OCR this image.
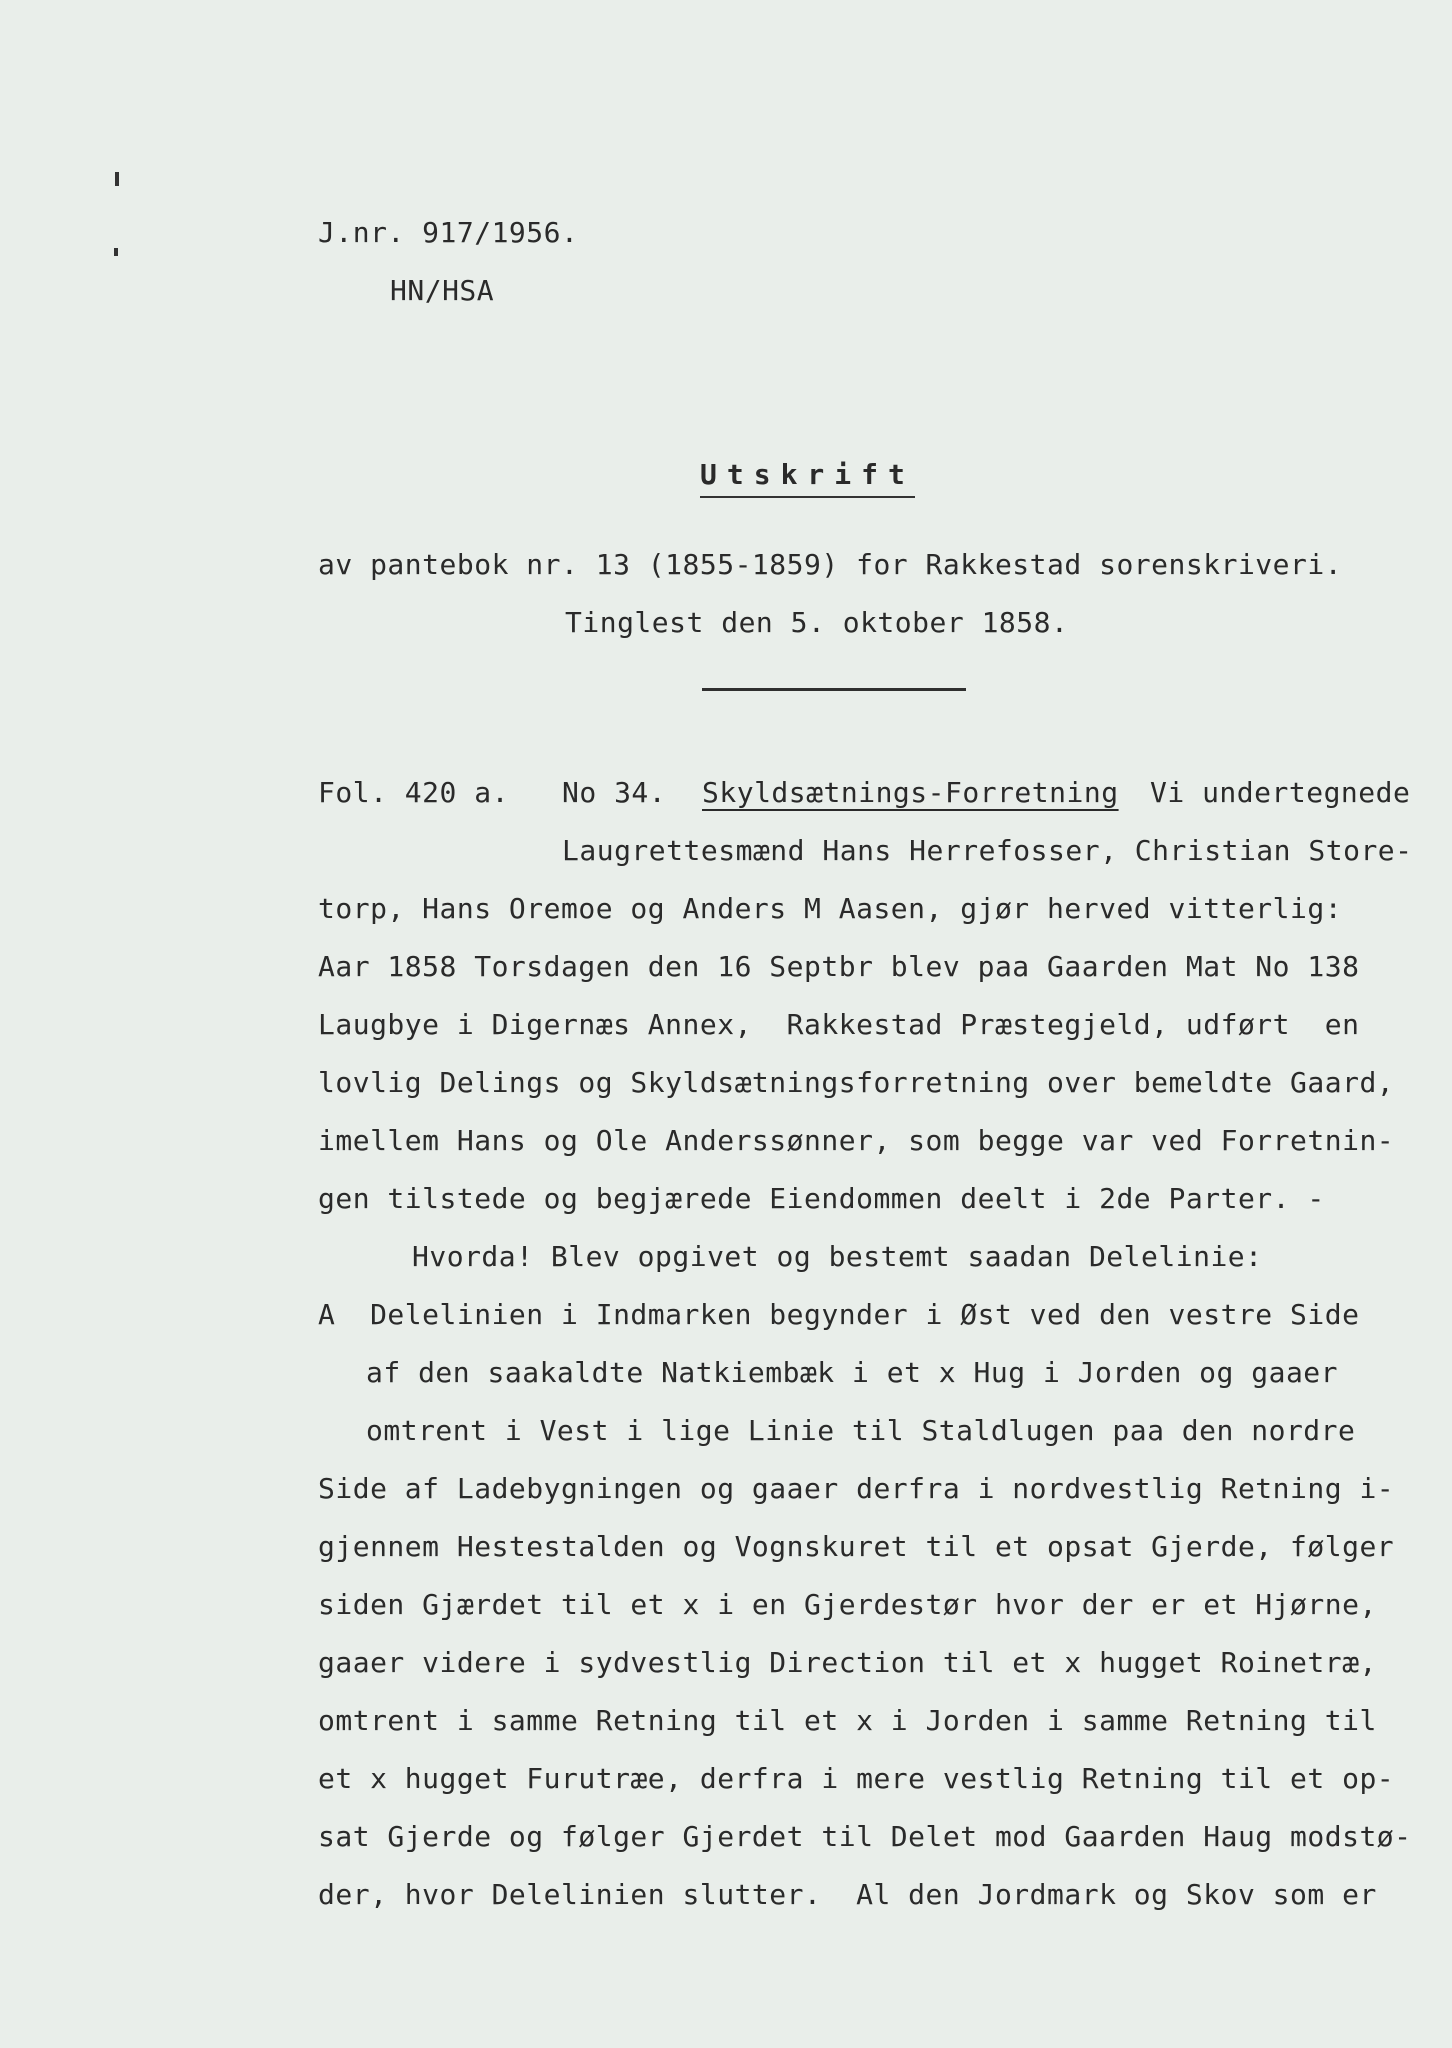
J.nr. 917/1956.
HN/HSA
Utskrift
av pantebok nr. 13 (1855-1859) for Rakkestad sorenskriveri.
Tinglest den 5. oktober 1858.
Fol. 420 a. No 34. Skyldsætnings-Forretning Vi undertegnede
Laugrettesmænd Hans Herrefosser, Christian Store-
torp, Hans Oremoe og Anders M Aasen, gjør herved vitterlig:
Aar 1858 Torsdagen den 16 Septbr blev paa Gaarden Mat No 138
Laugbye i Digernæs Annex,  Rakkestad Præstegjeld, udført  en
lovlig Delings og Skyldsætningsforretning over bemeldte Gaard,
imellem Hans og Ole Anderssønner, som begge var ved Forretnin-
gen tilstede og begjærede Eiendommen deelt i 2de Parter. -
Hvorda! Blev opgivet og bestemt saadan Delelinie:
A  Delelinien i Indmarken begynder i Øst ved den vestre Side
af den saakaldte Natkiembæk i et x Hug i Jorden og gaaer
omtrent i Vest i lige Linie til Staldlugen paa den nordre
Side af Ladebygningen og gaaer derfra i nordvestlig Retning i-
gjennem Hestestalden og Vognskuret til et opsat Gjerde, følger
siden Gjærdet til et x i en Gjerdestør hvor der er et Hjørne,
gaaer videre i sydvestlig Direction til et x hugget Roinetræ,
omtrent i samme Retning til et x i Jorden i samme Retning til
et x hugget Furutræe, derfra i mere vestlig Retning til et op-
sat Gjerde og følger Gjerdet til Delet mod Gaarden Haug modstø-
der, hvor Delelinien slutter.  Al den Jordmark og Skov som er
